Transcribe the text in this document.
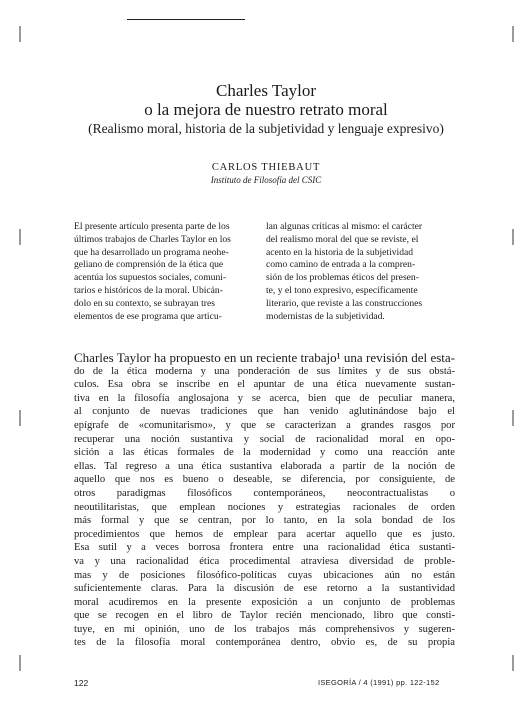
Charles Taylor
o la mejora de nuestro retrato moral
(Realismo moral, historia de la subjetividad y lenguaje expresivo)
CARLOS THIEBAUT
Instituto de Filosofía del CSIC
El presente artículo presenta parte de los
últimos trabajos de Charles Taylor en los
que ha desarrollado un programa neohe-
geliano de comprensión de la ética que
acentúa los supuestos sociales, comuni-
tarios e históricos de la moral. Ubicán-
dolo en su contexto, se subrayan tres
elementos de ese programa que articu-
lan algunas críticas al mismo: el carácter
del realismo moral del que se reviste, el
acento en la historia de la subjetividad
como camino de entrada a la compren-
sión de los problemas éticos del presen-
te, y el tono expresivo, específicamente
literario, que reviste a las construcciones
modernistas de la subjetividad.
Charles Taylor ha propuesto en un reciente trabajo¹ una revisión del esta-
do de la ética moderna y una ponderación de sus límites y de sus obstá-
culos. Esa obra se inscribe en el apuntar de una ética nuevamente sustan-
tiva en la filosofía anglosajona y se acerca, bien que de peculiar manera,
al conjunto de nuevas tradiciones que han venido aglutinándose bajo el
epígrafe de «comunitarismo», y que se caracterizan a grandes rasgos por
recuperar una noción sustantiva y social de racionalidad moral en opo-
sición a las éticas formales de la modernidad y como una reacción ante
ellas. Tal regreso a una ética sustantiva elaborada a partir de la noción de
aquello que nos es bueno o deseable, se diferencia, por consiguiente, de
otros paradigmas filosóficos contemporáneos, neocontractualistas o
neoutilitaristas, que emplean nociones y estrategias racionales de orden
más formal y que se centran, por lo tanto, en la sola bondad de los
procedimientos que hemos de emplear para acertar aquello que es justo.
Esa sutil y a veces borrosa frontera entre una racionalidad ética sustanti-
va y una racionalidad ética procedimental atraviesa diversidad de proble-
mas y de posiciones filosófico-políticas cuyas ubicaciones aún no están
suficientemente claras. Para la discusión de ese retorno a la sustantividad
moral acudiremos en la presente exposición a un conjunto de problemas
que se recogen en el libro de Taylor recién mencionado, libro que consti-
tuye, en mi opinión, uno de los trabajos más comprehensivos y sugeren-
tes de la filosofía moral contemporánea dentro, obvio es, de su propia
122	ISEGORÍA / 4 (1991) pp. 122-152
